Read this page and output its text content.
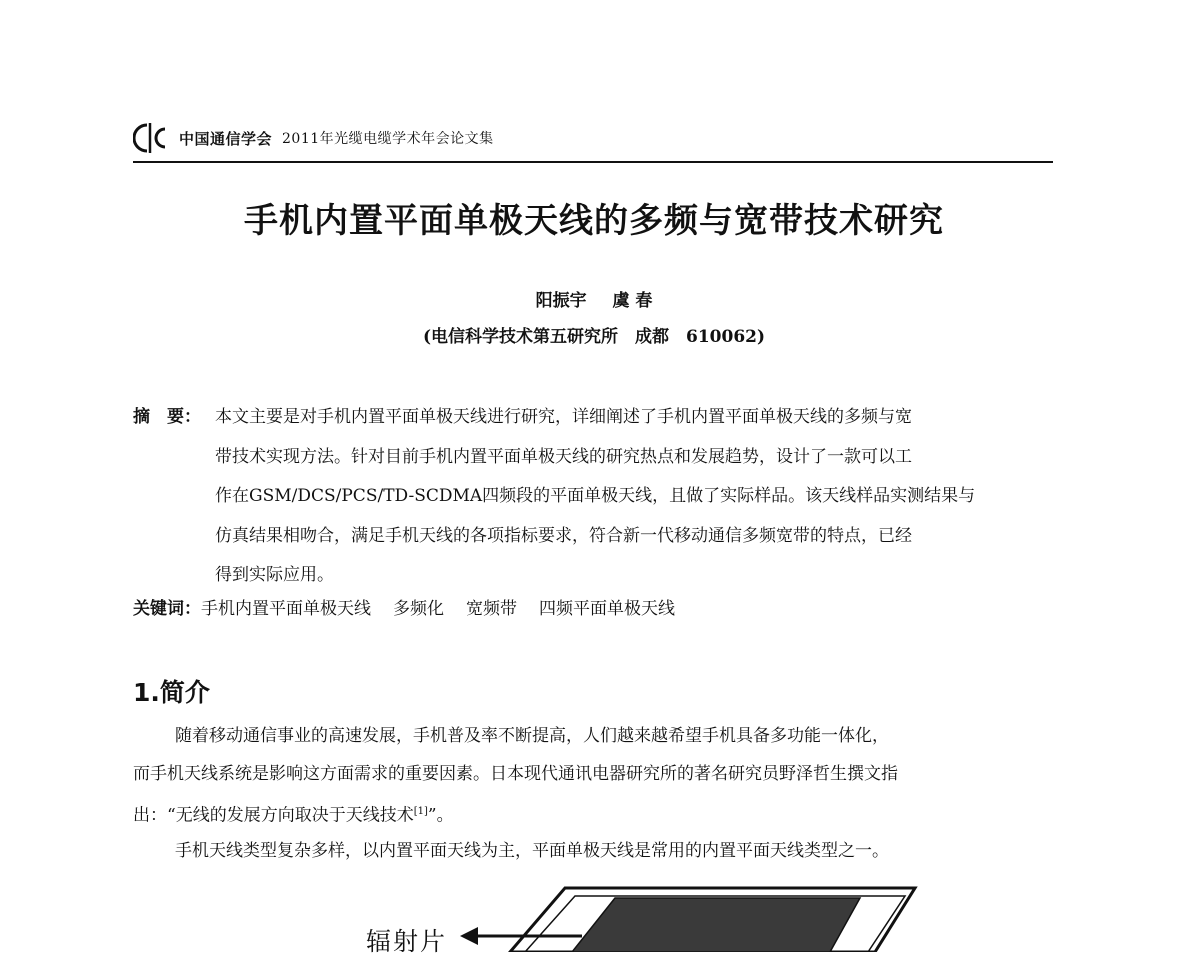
中国通信学会 2011年光缆电缆学术年会论文集
手机内置平面单极天线的多频与宽带技术研究
阳振宇 虞 春
(电信科学技术第五研究所　成都　610062)
摘　要： 本文主要是对手机内置平面单极天线进行研究，详细阐述了手机内置平面单极天线的多频与宽
带技术实现方法。针对目前手机内置平面单极天线的研究热点和发展趋势，设计了一款可以工
作在GSM/DCS/PCS/TD-SCDMA四频段的平面单极天线，且做了实际样品。该天线样品实测结果与
仿真结果相吻合，满足手机天线的各项指标要求，符合新一代移动通信多频宽带的特点，已经
得到实际应用。
关键词： 手机内置平面单极天线 多频化 宽频带 四频平面单极天线
1.简介
随着移动通信事业的高速发展，手机普及率不断提高，人们越来越希望手机具备多功能一体化，
而手机天线系统是影响这方面需求的重要因素。日本现代通讯电器研究所的著名研究员野泽哲生撰文指
出：“无线的发展方向取决于天线技术[1]”。
手机天线类型复杂多样，以内置平面天线为主，平面单极天线是常用的内置平面天线类型之一。
辐射片
